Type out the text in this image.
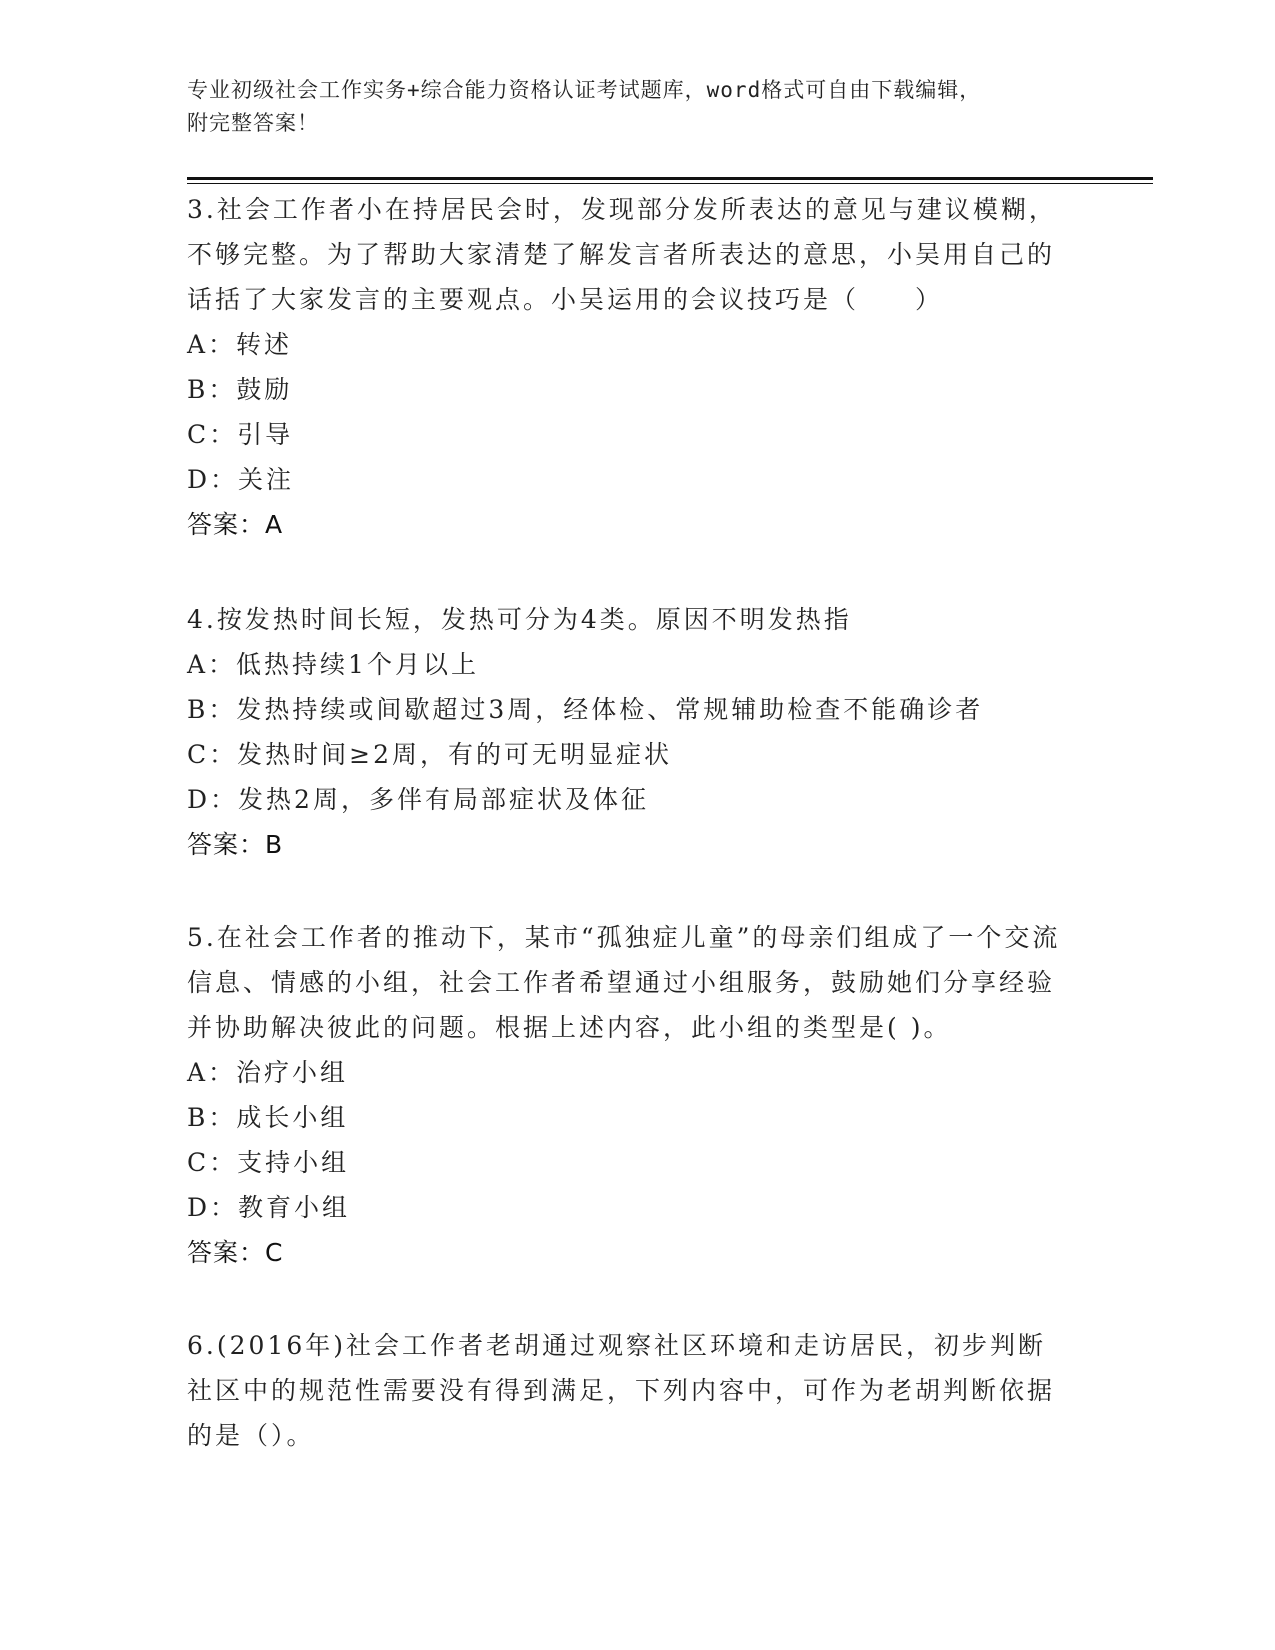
专业初级社会工作实务+综合能力资格认证考试题库，word格式可自由下载编辑，
附完整答案！
3.社会工作者小在持居民会时，发现部分发所表达的意见与建议模糊，不够完整。为了帮助大家清楚了解发言者所表达的意思，小吴用自己的话括了大家发言的主要观点。小吴运用的会议技巧是（　　）
A：转述
B：鼓励
C：引导
D：关注
答案：A
4.按发热时间长短，发热可分为4类。原因不明发热指
A：低热持续1个月以上
B：发热持续或间歇超过3周，经体检、常规辅助检查不能确诊者
C：发热时间≥2周，有的可无明显症状
D：发热2周，多伴有局部症状及体征
答案：B
5.在社会工作者的推动下，某市“孤独症儿童”的母亲们组成了一个交流信息、情感的小组，社会工作者希望通过小组服务，鼓励她们分享经验并协助解决彼此的问题。根据上述内容，此小组的类型是( )。
A：治疗小组
B：成长小组
C：支持小组
D：教育小组
答案：C
6.(2016年)社会工作者老胡通过观察社区环境和走访居民，初步判断社区中的规范性需要没有得到满足，下列内容中，可作为老胡判断依据的是（）。
